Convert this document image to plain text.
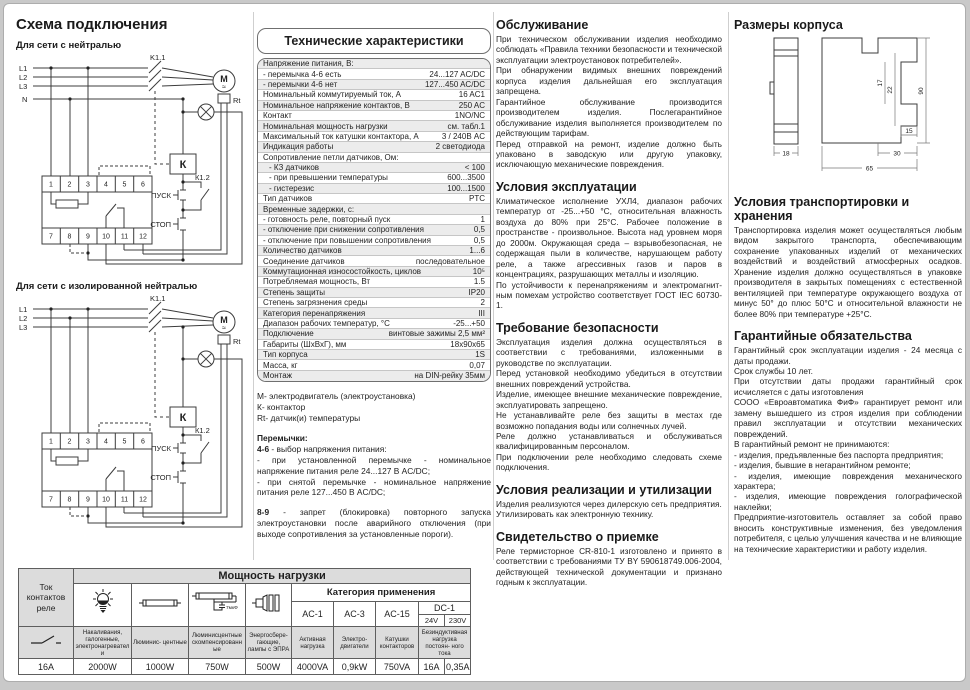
Схема подключения
Для сети с нейтралью
L1
L2
L3
N
K1.1
К1.2
M
≈
Rt
К
ПУСК
СТОП
1 2 3 4 5 6
7 8 9 10 11 12
Для сети с изолированной нейтралью
L1
L2
L3
K1.1
К1.2
M
≈
Rt
К
ПУСК
СТОП
1 2 3 4 5 6
7 8 9 10 11 12
Технические характеристики
Напряжение питания, В:
- перемычка 4-6 есть	24...127 AC/DC
- перемычки 4-6 нет	127...450 AC/DC
Номинальный коммутируемый ток, А	16 AC1
Номинальное напряжение контактов, В	250 AC
Контакт	1NO/NC
Номинальная мощность нагрузки	см. табл.1
Максимальный ток катушки контактора, А	3 / 240В AC
Индикация работы	2 светодиода
Сопротивление петли датчиков, Ом:
- КЗ датчиков	< 100
- при превышении температуры	600...3500
- гистерезис	100...1500
Тип датчиков	PTC
Временные задержки, с:
- готовность реле, повторный пуск	1
- отключение при снижении сопротивления	0,5
- отключение при повышении сопротивления	0,5
Количество датчиков	1...6
Соединение датчиков	последовательное
Коммутационная износостойкость, циклов	10⁵
Потребляемая мощность, Вт	1.5
Степень защиты	IP20
Степень загрязнения среды	2
Категория перенапряжения	III
Диапазон рабочих температур, °С	-25...+50
Подключение	винтовые зажимы 2,5 мм²
Габариты (ШхВхГ), мм	18x90x65
Тип корпуса	1S
Масса, кг	0,07
Монтаж	на DIN-рейку 35мм

М- электродвигатель (электроустановка)

К- контактор

Rt- датчик(и) температуры

Перемычки:
4-6 - выбор напряжения питания:
- при установленной перемычке - номинальное напряжение питания реле 24...127 В AC/DC;
- при снятой перемычке - номинальное напряжение питания реле 127...450 В AC/DC;
8-9 - запрет (блокировка) повторного запуска электроустановки после аварийного отключения (при выходе сопротивления за установленные пороги).
Обслуживание

При техническом обслуживании изделия необходимо соблюдать «Правила техники безопасности и технической эксплуатации электроустановок потребителей».

При обнаружении видимых внешних повреждений корпуса изделия дальнейшая его эксплуатация запрещена.

Гарантийное обслуживание производится производителем изделия. Послегарантийное обслуживание изделия выполняется производителем по действующим тарифам.

Перед отправкой на ремонт, изделие должно быть упаковано в заводскую или другую упаковку, исключающую механические повреждения.

Условия эксплуатации

Климатическое исполнение УХЛ4, диапазон рабочих температур от -25...+50 °С, относительная влажность воздуха до 80% при 25°С. Рабочее положение в пространстве - произвольное. Высота над уровнем моря до 2000м. Окружающая среда – взрывобезопасная, не содержащая пыли в количестве, нарушающем работу реле, а также агрессивных газов и паров в концентрациях, разрушающих металлы и изоляцию.

По устойчивости к перенапряжениям и электромагнит-ным помехам устройство соответствует ГОСТ IEC 60730-1.

Требование безопасности

Эксплуатация изделия должна осуществляться в соответствии с требованиями, изложенными в руководстве по эксплуатации.

Перед установкой необходимо убедиться в отсутствии внешних повреждений устройства.

Изделие, имеющее внешние механические повреждение, эксплуатировать запрещено.

Не устанавливайте реле без защиты в местах где возможно попадания воды или солнечных лучей.

Реле должно устанавливаться и обслуживаться квалифицированным персоналом.

При подключении реле необходимо следовать схеме подключения.

Условия реализации и утилизации

Изделия реализуются через дилерскую сеть предприятия.

Утилизировать как электронную технику.

Свидетельство о приемке

Реле термисторное CR-810-1 изготовлено и принято в соответствии с требованиями ТУ BY 590618749.006-2004, действующей технической документации и признано годным к эксплуатации.

Размеры корпуса
18
17
22	90
15
30
65
Условия транспортировки и хранения

Транспортировка изделия может осуществляться любым видом закрытого транспорта, обеспечивающим сохранение упакованных изделий от механических воздействий и воздействий атмосферных осадков. Хранение изделия должно осуществляться в упаковке производителя в закрытых помещениях с естественной вентиляцией при температуре окружающего воздуха от минус 50° до плюс 50°С и относительной влажности не более 80% при температуре +25°С.

Гарантийные обязательства

Гарантийный срок эксплуатации изделия - 24 месяца с даты продажи.

Срок службы 10 лет.

При отсутствии даты продажи гарантийный срок исчисляется с даты изготовления

СООО «Евроавтоматика ФиФ» гарантирует ремонт или замену вышедшего из строя изделия при соблюдении правил эксплуатации и отсутствии механических повреждений.

В гарантийный ремонт не принимаются:

- изделия, предъявленные без паспорта предприятия;

- изделия, бывшие в негарантийном ремонте;

- изделия, имеющие повреждения механического характера;

- изделия, имеющие повреждения голографической наклейки;

Предприятие-изготовитель оставляет за собой право вносить конструктивные изменения, без уведомления потребителя, с целью улучшения качества и не влияющие на технические характеристики и работу изделия.

Ток контактов реле	Мощность нагрузки								

7мкФ		Категория применения				
					AC-1	AC-3	AC-15	DC-1	
								24V	230V
	Накаливания, галогенные, электронагреватели	Люминис- центные	Люминисцентные скомпенсированные	Энергосбере- гающие, лампы с ЭПРА	Активная нагрузка	Электро- двигатели	Катушки контакторов	Безиндуктивная нагрузка постоян- ного тока	
16A	2000W	1000W	750W	500W	4000VA	0,9kW	750VA	16A	0,35A
